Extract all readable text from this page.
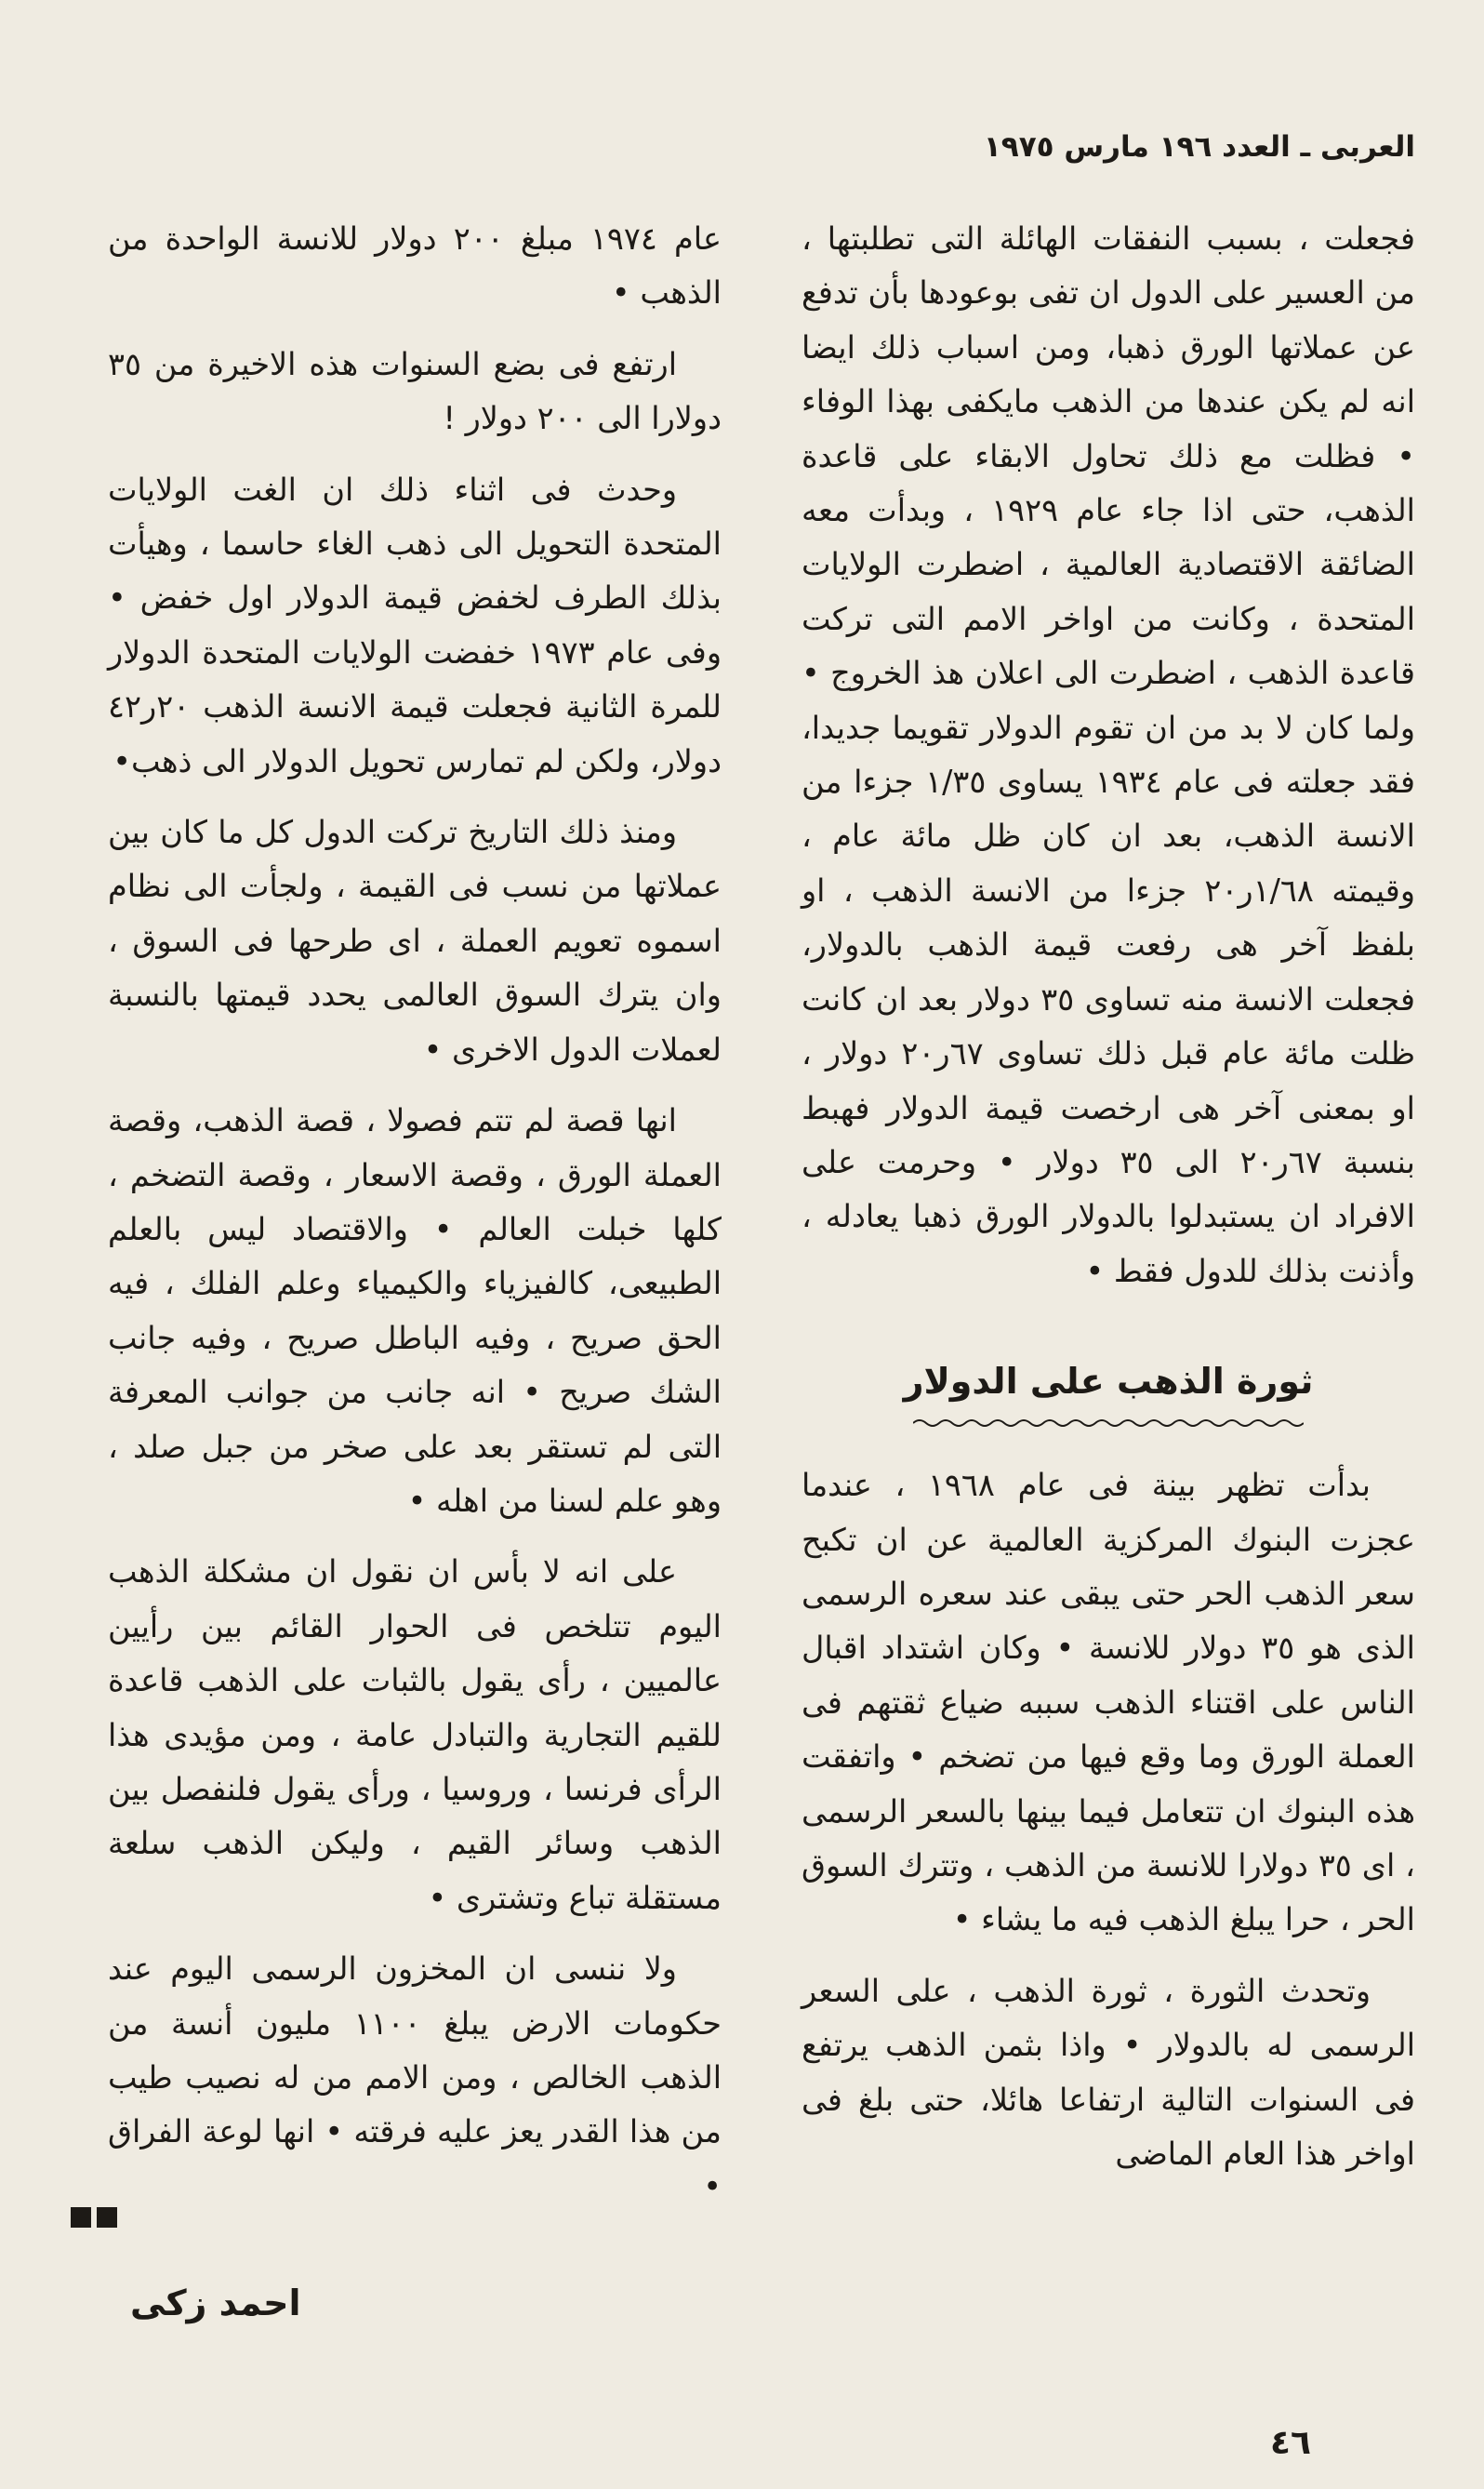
العربى ـ العدد ١٩٦ مارس ١٩٧٥

فجعلت ، بسبب النفقات الهائلة التى تطلبتها ، من العسير على الدول ان تفى بوعودها بأن تدفع عن عملاتها الورق ذهبا، ومن اسباب ذلك ايضا انه لم يكن عندها من الذهب مايكفى بهذا الوفاء • فظلت مع ذلك تحاول الابقاء على قاعدة الذهب، حتى اذا جاء عام ١٩٢٩ ، وبدأت معه الضائقة الاقتصادية العالمية ، اضطرت الولايات المتحدة ، وكانت من اواخر الامم التى تركت قاعدة الذهب ، اضطرت الى اعلان هذ الخروج • ولما كان لا بد من ان تقوم الدولار تقويما جديدا، فقد جعلته فى عام ١٩٣٤ يساوى ١/٣٥ جزءا من الانسة الذهب، بعد ان كان ظل مائة عام ، وقيمته ١/٦٨ر٢٠ جزءا من الانسة الذهب ، او بلفظ آخر هى رفعت قيمة الذهب بالدولار، فجعلت الانسة منه تساوى ٣٥ دولار بعد ان كانت ظلت مائة عام قبل ذلك تساوى ٦٧ر٢٠ دولار ، او بمعنى آخر هى ارخصت قيمة الدولار فهبط بنسبة ٦٧ر٢٠ الى ٣٥ دولار • وحرمت على الافراد ان يستبدلوا بالدولار الورق ذهبا يعادله ، وأذنت بذلك للدول فقط •

ثورة الذهب على الدولار

بدأت تظهر بينة فى عام ١٩٦٨ ، عندما عجزت البنوك المركزية العالمية عن ان تكبح سعر الذهب الحر حتى يبقى عند سعره الرسمى الذى هو ٣٥ دولار للانسة • وكان اشتداد اقبال الناس على اقتناء الذهب سببه ضياع ثقتهم فى العملة الورق وما وقع فيها من تضخم • واتفقت هذه البنوك ان تتعامل فيما بينها بالسعر الرسمى ، اى ٣٥ دولارا للانسة من الذهب ، وتترك السوق الحر ، حرا يبلغ الذهب فيه ما يشاء •

وتحدث الثورة ، ثورة الذهب ، على السعر الرسمى له بالدولار • واذا بثمن الذهب يرتفع فى السنوات التالية ارتفاعا هائلا، حتى بلغ فى اواخر هذا العام الماضى

عام ١٩٧٤ مبلغ ٢٠٠ دولار للانسة الواحدة من الذهب •

ارتفع فى بضع السنوات هذه الاخيرة من ٣٥ دولارا الى ٢٠٠ دولار !

وحدث فى اثناء ذلك ان الغت الولايات المتحدة التحويل الى ذهب الغاء حاسما ، وهيأت بذلك الطرف لخفض قيمة الدولار اول خفض • وفى عام ١٩٧٣ خفضت الولايات المتحدة الدولار للمرة الثانية فجعلت قيمة الانسة الذهب ٢٠ر٤٢ دولار، ولكن لم تمارس تحويل الدولار الى ذهب•

ومنذ ذلك التاريخ تركت الدول كل ما كان بين عملاتها من نسب فى القيمة ، ولجأت الى نظام اسموه تعويم العملة ، اى طرحها فى السوق ، وان يترك السوق العالمى يحدد قيمتها بالنسبة لعملات الدول الاخرى •

انها قصة لم تتم فصولا ، قصة الذهب، وقصة العملة الورق ، وقصة الاسعار ، وقصة التضخم ، كلها خبلت العالم • والاقتصاد ليس بالعلم الطبيعى، كالفيزياء والكيمياء وعلم الفلك ، فيه الحق صريح ، وفيه الباطل صريح ، وفيه جانب الشك صريح • انه جانب من جوانب المعرفة التى لم تستقر بعد على صخر من جبل صلد ، وهو علم لسنا من اهله •

على انه لا بأس ان نقول ان مشكلة الذهب اليوم تتلخص فى الحوار القائم بين رأيين عالميين ، رأى يقول بالثبات على الذهب قاعدة للقيم التجارية والتبادل عامة ، ومن مؤيدى هذا الرأى فرنسا ، وروسيا ، ورأى يقول فلنفصل بين الذهب وسائر القيم ، وليكن الذهب سلعة مستقلة تباع وتشترى •

ولا ننسى ان المخزون الرسمى اليوم عند حكومات الارض يبلغ ١١٠٠ مليون أنسة من الذهب الخالص ، ومن الامم من له نصيب طيب من هذا القدر يعز عليه فرقته • انها لوعة الفراق •

احمد زكى
٤٦
